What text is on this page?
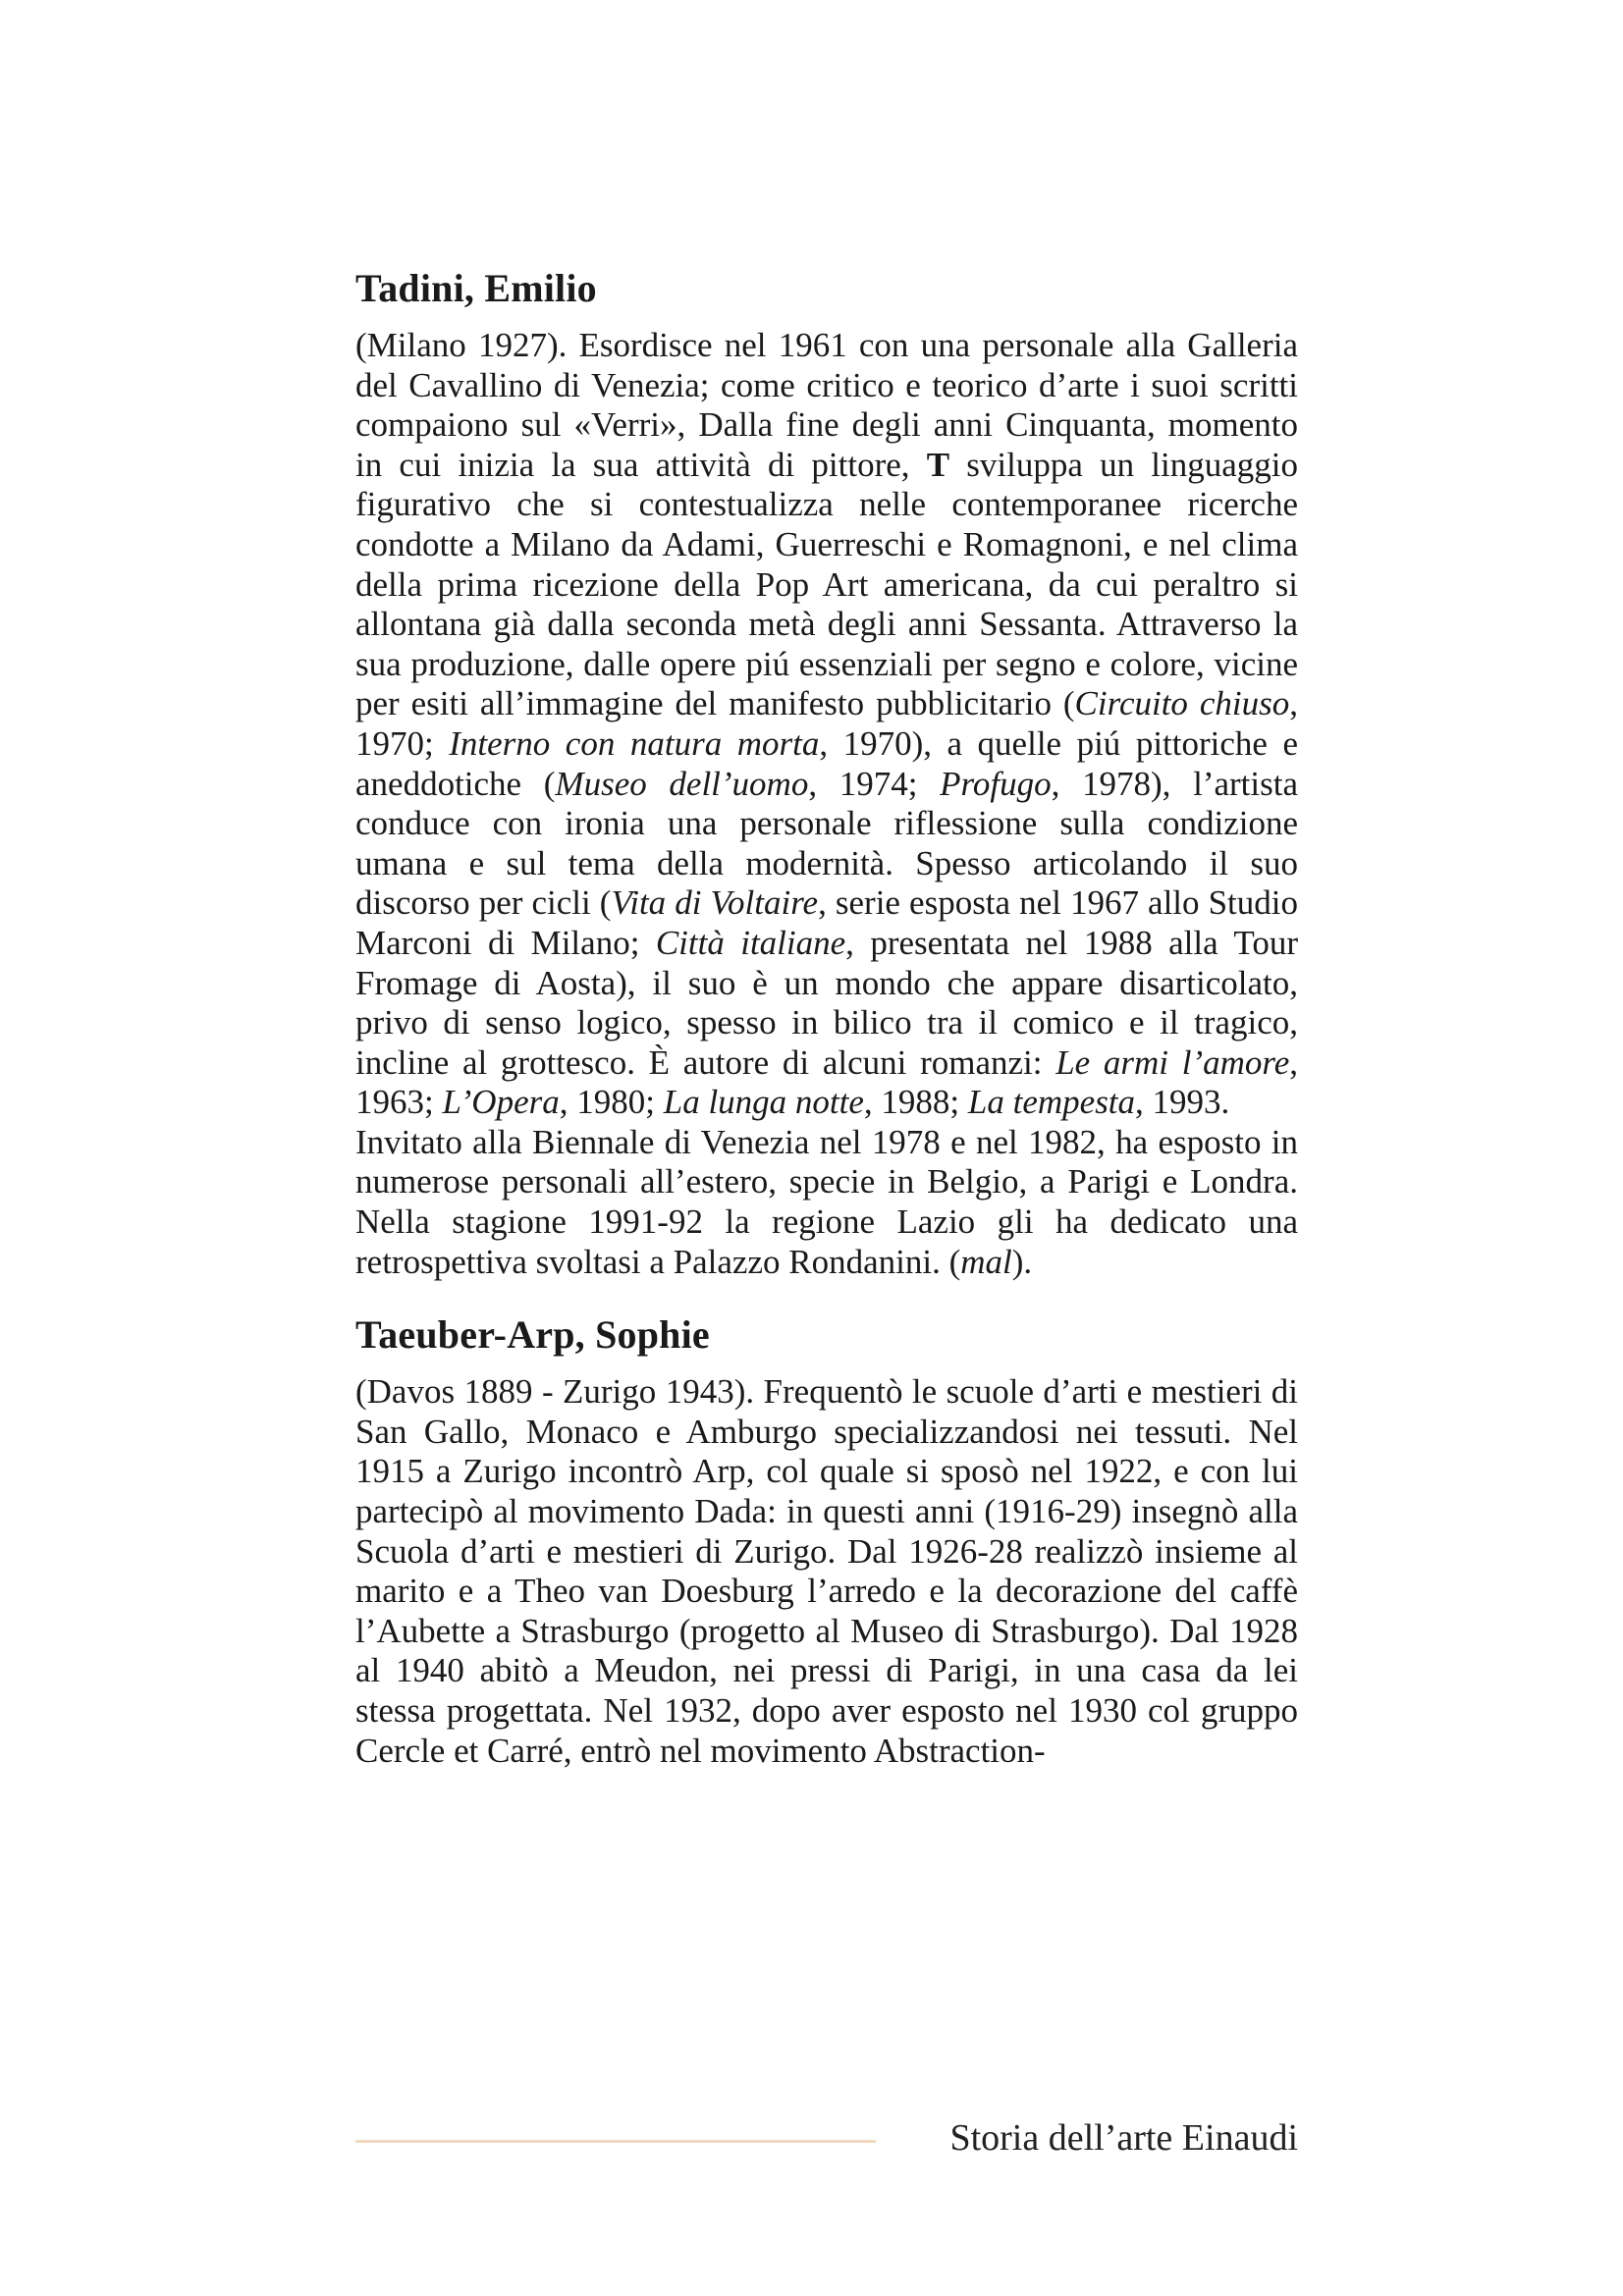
Tadini, Emilio

(Milano 1927). Esordisce nel 1961 con una personale alla Galleria del Cavallino di Venezia; come critico e teorico d’arte i suoi scritti compaiono sul «Verri», Dalla fine degli anni Cinquanta, momento in cui inizia la sua attività di pittore, T sviluppa un linguaggio figurativo che si contestualizza nelle contemporanee ricerche condotte a Milano da Adami, Guerreschi e Romagnoni, e nel clima della prima ricezione della Pop Art americana, da cui peraltro si allontana già dalla seconda metà degli anni Sessanta. Attraverso la sua produzione, dalle opere piú essenziali per segno e colore, vicine per esiti all’immagine del manifesto pubblicitario (Circuito chiuso, 1970; Interno con natura morta, 1970), a quelle piú pittoriche e aneddotiche (Museo dell’uomo, 1974; Profugo, 1978), l’artista conduce con ironia una personale riflessione sulla condizione umana e sul tema della modernità. Spesso articolando il suo discorso per cicli (Vita di Voltaire, serie esposta nel 1967 allo Studio Marconi di Milano; Città italiane, presentata nel 1988 alla Tour Fromage di Aosta), il suo è un mondo che appare disarticolato, privo di senso logico, spesso in bilico tra il comico e il tragico, incline al grottesco. È autore di alcuni romanzi: Le armi l’amore, 1963; L’Opera, 1980; La lunga notte, 1988; La tempesta, 1993.

Invitato alla Biennale di Venezia nel 1978 e nel 1982, ha esposto in numerose personali all’estero, specie in Belgio, a Parigi e Londra. Nella stagione 1991-92 la regione Lazio gli ha dedicato una retrospettiva svoltasi a Palazzo Rondanini. (mal).

Taeuber-Arp, Sophie

(Davos 1889 - Zurigo 1943). Frequentò le scuole d’arti e mestieri di San Gallo, Monaco e Amburgo specializzandosi nei tessuti. Nel 1915 a Zurigo incontrò Arp, col quale si sposò nel 1922, e con lui partecipò al movimento Dada: in questi anni (1916-29) insegnò alla Scuola d’arti e mestieri di Zurigo. Dal 1926-28 realizzò insieme al marito e a Theo van Doesburg l’arredo e la decorazione del caffè l’Aubette a Strasburgo (progetto al Museo di Strasburgo). Dal 1928 al 1940 abitò a Meudon, nei pressi di Parigi, in una casa da lei stessa progettata. Nel 1932, dopo aver esposto nel 1930 col gruppo Cercle et Carré, entrò nel movimento Abstraction-

Storia dell’arte Einaudi
